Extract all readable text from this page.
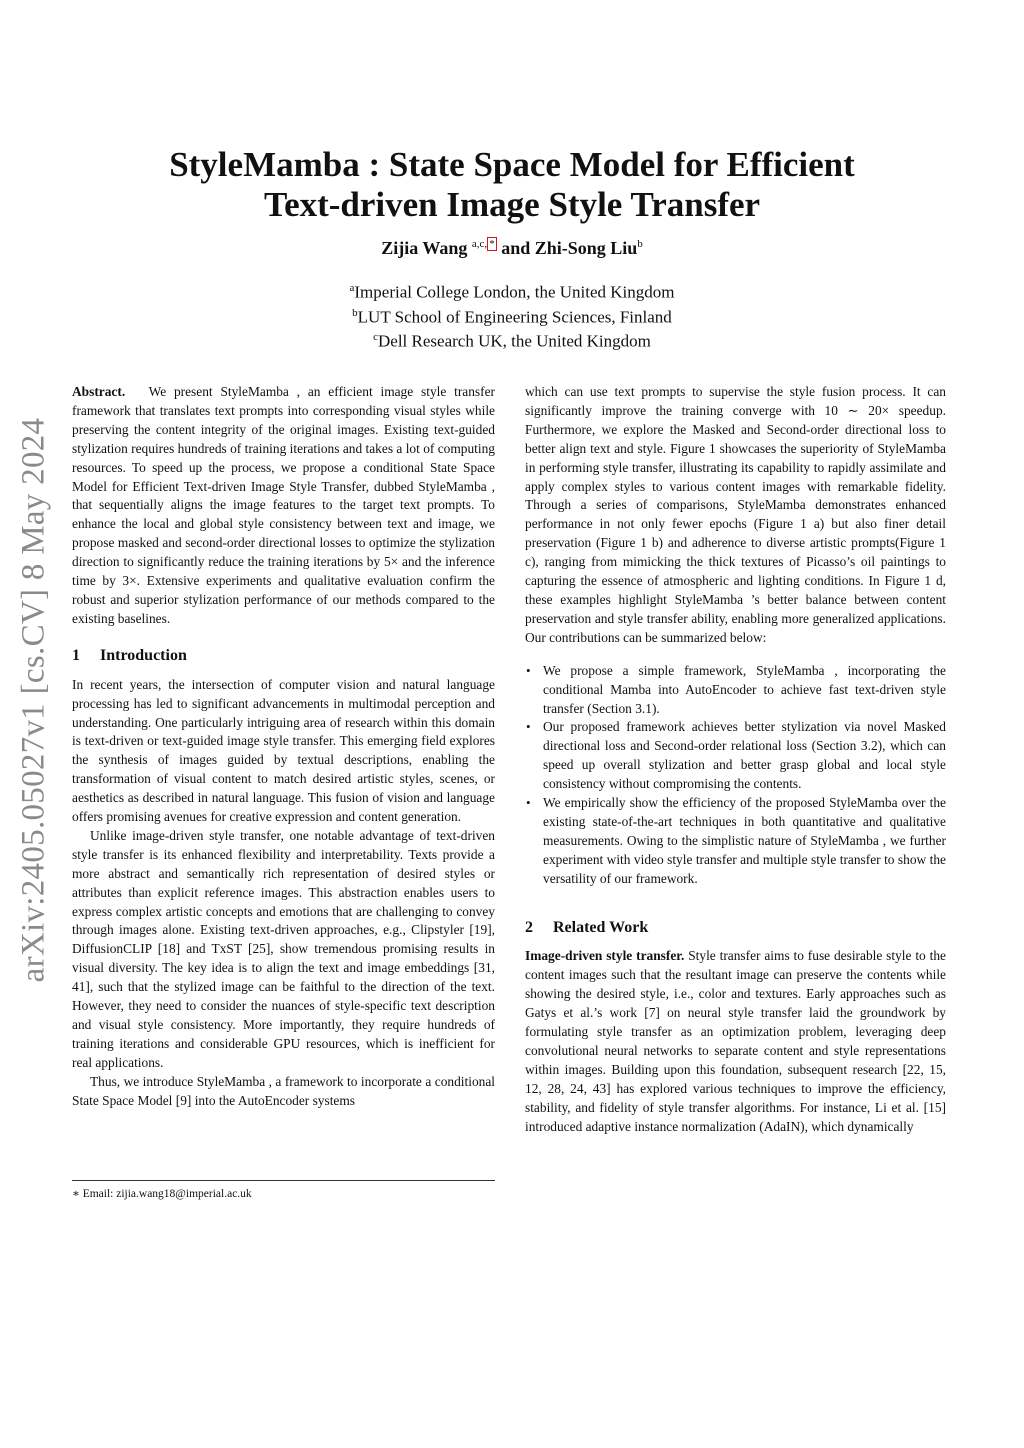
arXiv:2405.05027v1 [cs.CV] 8 May 2024
StyleMamba : State Space Model for Efficient
Text-driven Image Style Transfer
Zijia Wang $^{a,c,}$ * and Zhi-Song Liu$^b$
$^a$Imperial College London, the United Kingdom
$^b$LUT School of Engineering Sciences, Finland
$^c$Dell Research UK, the United Kingdom

Abstract. We present StyleMamba , an efficient image style transfer framework that translates text prompts into corresponding visual styles while preserving the content integrity of the original images. Existing text-guided stylization requires hundreds of training iterations and takes a lot of computing resources. To speed up the process, we propose a conditional State Space Model for Efficient Text-driven Image Style Transfer, dubbed StyleMamba , that sequentially aligns the image features to the target text prompts. To enhance the local and global style consistency between text and image, we propose masked and second-order directional losses to optimize the stylization direction to significantly reduce the training iterations by 5× and the inference time by 3×. Extensive experiments and qualitative evaluation confirm the robust and superior stylization performance of our methods compared to the existing baselines.

1 Introduction

In recent years, the intersection of computer vision and natural language processing has led to significant advancements in multimodal perception and understanding. One particularly intriguing area of research within this domain is text-driven or text-guided image style transfer. This emerging field explores the synthesis of images guided by textual descriptions, enabling the transformation of visual content to match desired artistic styles, scenes, or aesthetics as described in natural language. This fusion of vision and language offers promising avenues for creative expression and content generation.

Unlike image-driven style transfer, one notable advantage of text-driven style transfer is its enhanced flexibility and interpretability. Texts provide a more abstract and semantically rich representation of desired styles or attributes than explicit reference images. This abstraction enables users to express complex artistic concepts and emotions that are challenging to convey through images alone. Existing text-driven approaches, e.g., Clipstyler [19], DiffusionCLIP [18] and TxST [25], show tremendous promising results in visual diversity. The key idea is to align the text and image embeddings [31, 41], such that the stylized image can be faithful to the direction of the text. However, they need to consider the nuances of style-specific text description and visual style consistency. More importantly, they require hundreds of training iterations and considerable GPU resources, which is inefficient for real applications.

Thus, we introduce StyleMamba , a framework to incorporate a conditional State Space Model [9] into the AutoEncoder systems

∗ Email: zijia.wang18@imperial.ac.uk

which can use text prompts to supervise the style fusion process. It can significantly improve the training converge with 10 ∼ 20× speedup. Furthermore, we explore the Masked and Second-order directional loss to better align text and style. Figure 1 showcases the superiority of StyleMamba in performing style transfer, illustrating its capability to rapidly assimilate and apply complex styles to various content images with remarkable fidelity. Through a series of comparisons, StyleMamba demonstrates enhanced performance in not only fewer epochs (Figure 1 a) but also finer detail preservation (Figure 1 b) and adherence to diverse artistic prompts(Figure 1 c), ranging from mimicking the thick textures of Picasso’s oil paintings to capturing the essence of atmospheric and lighting conditions. In Figure 1 d, these examples highlight StyleMamba ’s better balance between content preservation and style transfer ability, enabling more generalized applications. Our contributions can be summarized below:

• We propose a simple framework, StyleMamba , incorporating the conditional Mamba into AutoEncoder to achieve fast text-driven style transfer (Section 3.1).
• Our proposed framework achieves better stylization via novel Masked directional loss and Second-order relational loss (Section 3.2), which can speed up overall stylization and better grasp global and local style consistency without compromising the contents.
• We empirically show the efficiency of the proposed StyleMamba over the existing state-of-the-art techniques in both quantitative and qualitative measurements. Owing to the simplistic nature of StyleMamba , we further experiment with video style transfer and multiple style transfer to show the versatility of our framework.
2 Related Work

Image-driven style transfer. Style transfer aims to fuse desirable style to the content images such that the resultant image can preserve the contents while showing the desired style, i.e., color and textures. Early approaches such as Gatys et al.’s work [7] on neural style transfer laid the groundwork by formulating style transfer as an optimization problem, leveraging deep convolutional neural networks to separate content and style representations within images. Building upon this foundation, subsequent research [22, 15, 12, 28, 24, 43] has explored various techniques to improve the efficiency, stability, and fidelity of style transfer algorithms. For instance, Li et al. [15] introduced adaptive instance normalization (AdaIN), which dynamically
